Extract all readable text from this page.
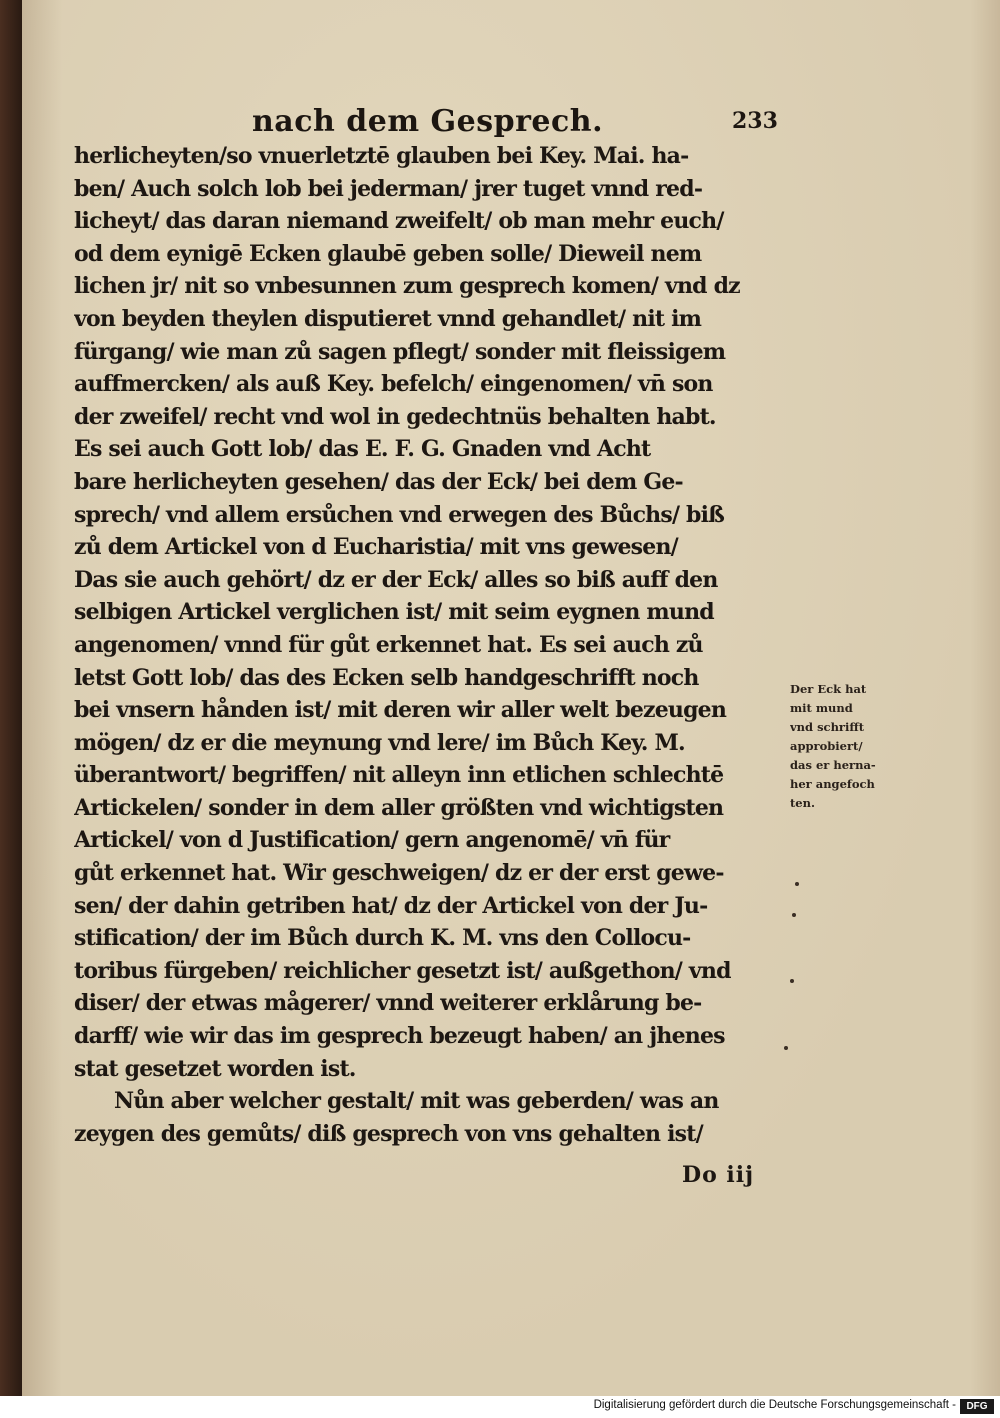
nach dem Gesprech.	233
herlicheyten/so vnuerletztē glauben bei Key. Mai. ha-
ben/ Auch solch lob bei jederman/ jrer tuget vnnd red-
licheyt/ das daran niemand zweifelt/ ob man mehr euch/
od dem eynigē Ecken glaubē geben solle/ Dieweil nem
lichen jr/ nit so vnbesunnen zum gesprech komen/ vnd dz
von beyden theylen disputieret vnnd gehandlet/ nit im
fürgang/ wie man zů sagen pflegt/ sonder mit fleissigem
auffmercken/ als auß Key. befelch/ eingenomen/ vn̄ son
der zweifel/ recht vnd wol in gedechtnüs behalten habt.
Es sei auch Gott lob/ das E. F. G. Gnaden vnd Acht
bare herlicheyten gesehen/ das der Eck/ bei dem Ge-
sprech/ vnd allem ersůchen vnd erwegen des Bůchs/ biß
zů dem Artickel von d Eucharistia/ mit vns gewesen/
Das sie auch gehört/ dz er der Eck/ alles so biß auff den
selbigen Artickel verglichen ist/ mit seim eygnen mund
angenomen/ vnnd für gůt erkennet hat. Es sei auch zů
letst Gott lob/ das des Ecken selb handgeschrifft noch
bei vnsern hånden ist/ mit deren wir aller welt bezeugen
mögen/ dz er die meynung vnd lere/ im Bůch Key. M.
überantwort/ begriffen/ nit alleyn inn etlichen schlechtē
Artickelen/ sonder in dem aller größten vnd wichtigsten
Artickel/ von d Justification/ gern angenomē/ vn̄ für
gůt erkennet hat. Wir geschweigen/ dz er der erst gewe-
sen/ der dahin getriben hat/ dz der Artickel von der Ju-
stification/ der im Bůch durch K. M. vns den Collocu-
toribus fürgeben/ reichlicher gesetzt ist/ außgethon/ vnd
diser/ der etwas mågerer/ vnnd weiterer erklårung be-
darff/ wie wir das im gesprech bezeugt haben/ an jhenes
stat gesetzet worden ist.
Nůn aber welcher gestalt/ mit was geberden/ was an
zeygen des gemůts/ diß gesprech von vns gehalten ist/
Der Eck hat
mit mund
vnd schrifft
approbiert/
das er herna-
her angefoch
ten.
Do iij
Digitalisierung gefördert durch die Deutsche Forschungsgemeinschaft -	DFG
